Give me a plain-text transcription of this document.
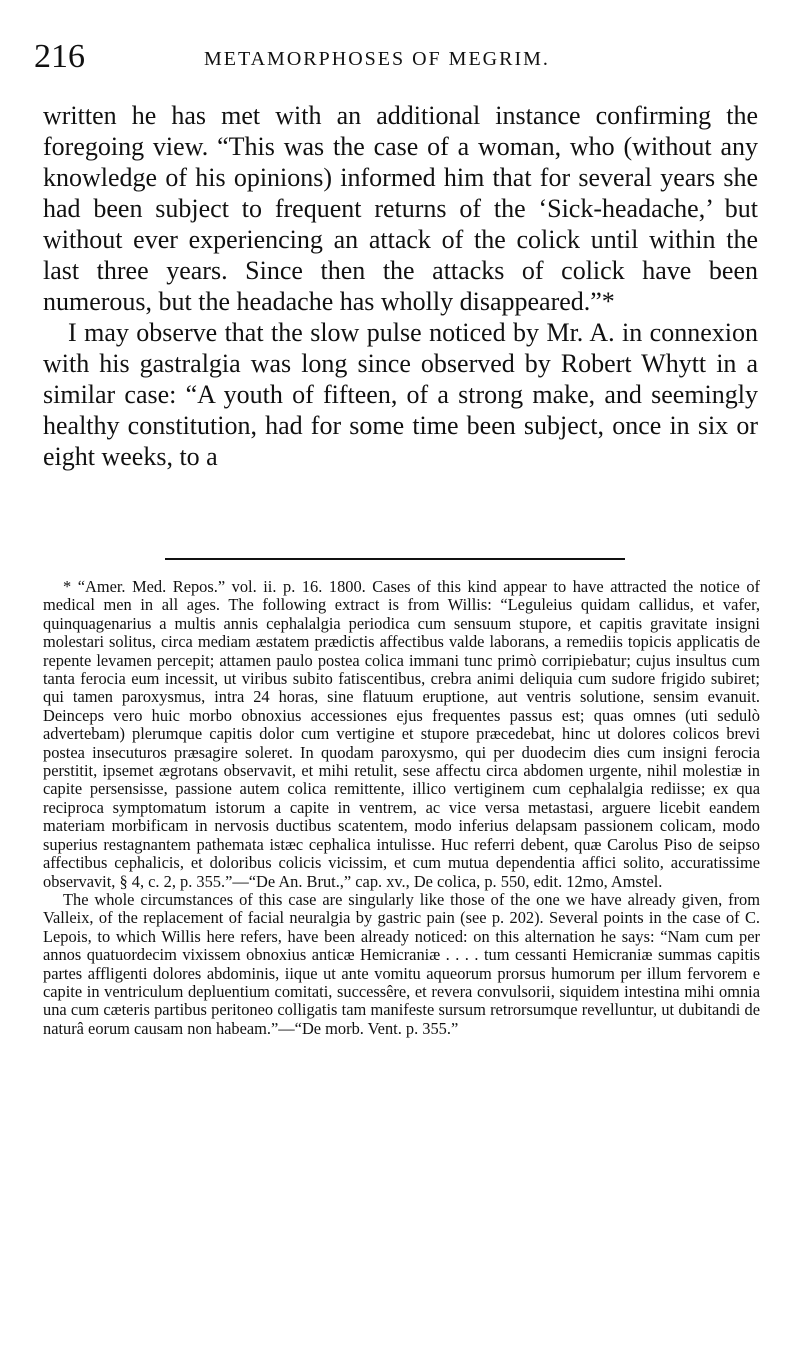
216	METAMORPHOSES OF MEGRIM.

written he has met with an additional instance confirming the foregoing view. “This was the case of a woman, who (without any knowledge of his opinions) informed him that for several years she had been subject to frequent returns of the ‘Sick-headache,’ but without ever experiencing an attack of the colick until within the last three years. Since then the attacks of colick have been numerous, but the headache has wholly disappeared.”*

I may observe that the slow pulse noticed by Mr. A. in connexion with his gastralgia was long since observed by Robert Whytt in a similar case: “A youth of fifteen, of a strong make, and seemingly healthy constitution, had for some time been subject, once in six or eight weeks, to a

* “Amer. Med. Repos.” vol. ii. p. 16. 1800. Cases of this kind appear to have attracted the notice of medical men in all ages. The following extract is from Willis: “Leguleius quidam callidus, et vafer, quinquagenarius a multis annis cephalalgia periodica cum sensuum stupore, et capitis gravitate insigni molestari solitus, circa mediam æstatem prædictis affectibus valde laborans, a remediis topicis applicatis de repente levamen percepit; attamen paulo postea colica immani tunc primò corripiebatur; cujus insultus cum tanta ferocia eum incessit, ut viribus subito fatiscentibus, crebra animi deliquia cum sudore frigido subiret; qui tamen paroxysmus, intra 24 horas, sine flatuum eruptione, aut ventris solutione, sensim evanuit. Deinceps vero huic morbo obnoxius accessiones ejus frequentes passus est; quas omnes (uti sedulò advertebam) plerumque capitis dolor cum vertigine et stupore præcedebat, hinc ut dolores colicos brevi postea insecuturos præsagire soleret. In quodam paroxysmo, qui per duodecim dies cum insigni ferocia perstitit, ipsemet ægrotans observavit, et mihi retulit, sese affectu circa abdomen urgente, nihil molestiæ in capite persensisse, passione autem colica remittente, illico vertiginem cum cephalalgia rediisse; ex qua reciproca symptomatum istorum a capite in ventrem, ac vice versa metastasi, arguere licebit eandem materiam morbificam in nervosis ductibus scatentem, modo inferius delapsam passionem colicam, modo superius restagnantem pathemata istæc cephalica intulisse. Huc referri debent, quæ Carolus Piso de seipso affectibus cephalicis, et doloribus colicis vicissim, et cum mutua dependentia affici solito, accuratissime observavit, § 4, c. 2, p. 355.”—“De An. Brut.,” cap. xv., De colica, p. 550, edit. 12mo, Amstel.

The whole circumstances of this case are singularly like those of the one we have already given, from Valleix, of the replacement of facial neuralgia by gastric pain (see p. 202). Several points in the case of C. Lepois, to which Willis here refers, have been already noticed: on this alternation he says: “Nam cum per annos quatuordecim vixissem obnoxius anticæ Hemicraniæ . . . . tum cessanti Hemicraniæ summas capitis partes affligenti dolores abdominis, iique ut ante vomitu aqueorum prorsus humorum per illum fervorem e capite in ventriculum depluentium comitati, successêre, et revera convulsorii, siquidem intestina mihi omnia una cum cæteris partibus peritoneo colligatis tam manifeste sursum retrorsumque revelluntur, ut dubitandi de naturâ eorum causam non habeam.”—“De morb. Vent. p. 355.”
